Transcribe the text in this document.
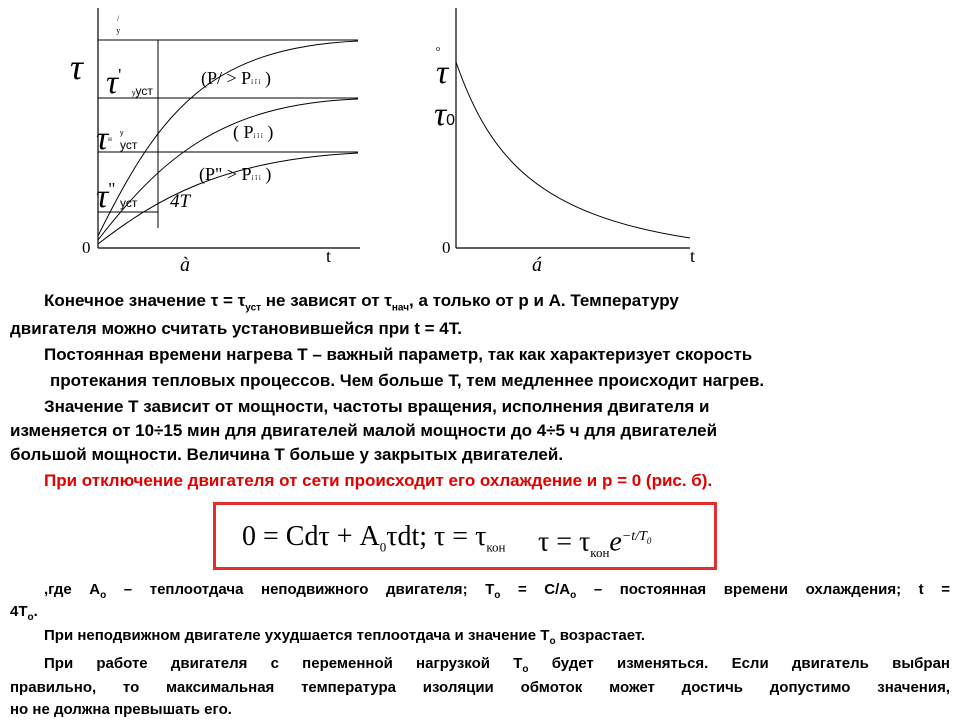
/$_у$
τ τ'
ууст
$\tau^н$
у
уст
τ"
уст
(P/ > Pí î ì )
( Pí î ì )
(P" > Pí î ì )
4T
0	t
à
o
τ
τ0
0	t
á
Конечное значение $\tau = \tau_{уст}$ не зависят от $\tau_{нач}$, а только от p и A. Температуру
двигателя можно считать установившейся при t = 4T.
Постоянная времени нагрева T – важный параметр, так как характеризует скорость
протекания тепловых процессов. Чем больше T, тем медленнее происходит нагрев.
Значение T зависит от мощности, частоты вращения, исполнения двигателя и
изменяется от 10÷15 мин для двигателей малой мощности до 4÷5 ч для двигателей
большой мощности. Величина T больше у закрытых двигателей.
При отключение двигателя от сети происходит его охлаждение и p = 0 (рис. б).
$0 = Cd\tau + A_0\tau dt$; $\tau = \tau_{кон}$ $\tau = \tau_{кон}e^{-t/T_0}$
,где $A_o$ – теплоотдача неподвижного двигателя; $T_o = C/A_o$ – постоянная времени охлаждения; t =
$4T_o$.
При неподвижном двигателе ухудшается теплоотдача и значение $T_o$ возрастает.
При работе двигателя с переменной нагрузкой $T_o$ будет изменяться. Если двигатель выбран
правильно, то максимальная температура изоляции обмоток может достичь допустимо значения,
но не должна превышать его.
